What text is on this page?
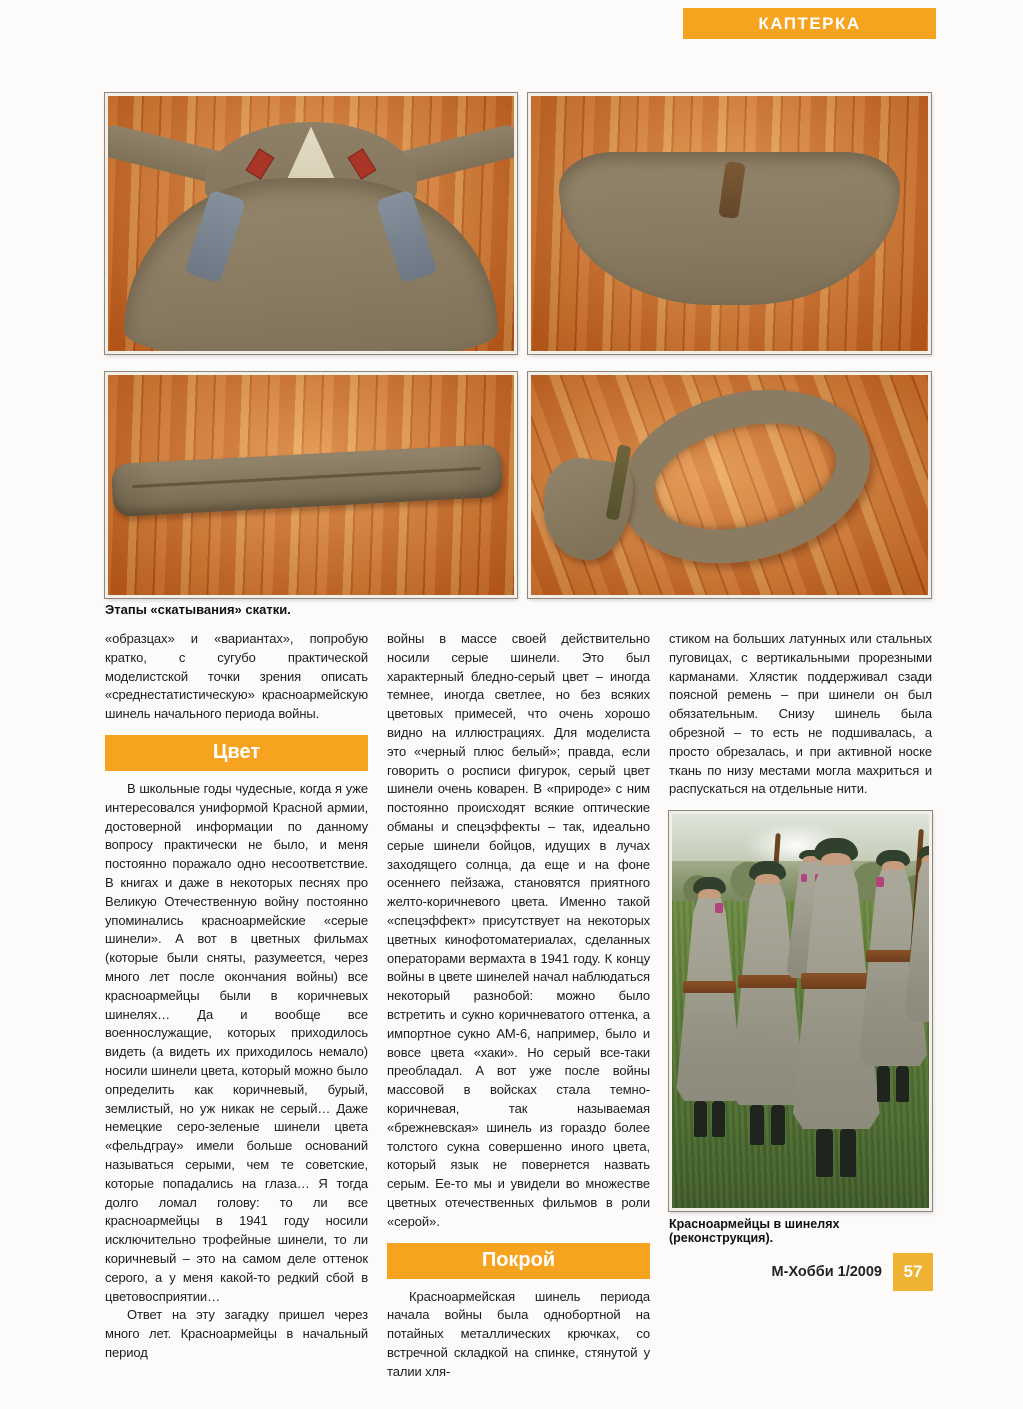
КАПТЕРКА
Этапы «скатывания» скатки.

«образцах» и «вариантах», попробую кратко, с сугубо практической моделистской точки зрения описать «среднестатистическую» красноармейскую шинель начального периода войны.

Цвет

В школьные годы чудесные, когда я уже интересовался униформой Красной армии, достоверной информации по данному вопросу практически не было, и меня постоянно поражало одно несоответствие. В книгах и даже в некоторых песнях про Великую Отечественную войну постоянно упоминались красноармейские «серые шинели». А вот в цветных фильмах (которые были сняты, разумеется, через много лет после окончания войны) все красноармейцы были в коричневых шинелях… Да и вообще все военнослужащие, которых приходилось видеть (а видеть их приходилось немало) носили шинели цвета, который можно было определить как коричневый, бурый, землистый, но уж никак не серый… Даже немецкие серо-зеленые шинели цвета «фельдграу» имели больше оснований называться серыми, чем те советские, которые попадались на глаза… Я тогда долго ломал голову: то ли все красноармейцы в 1941 году носили исключительно трофейные шинели, то ли коричневый – это на самом деле оттенок серого, а у меня какой-то редкий сбой в цветовосприятии…

Ответ на эту загадку пришел через много лет. Красноармейцы в начальный период

войны в массе своей действительно носили серые шинели. Это был характерный бледно-серый цвет – иногда темнее, иногда светлее, но без всяких цветовых примесей, что очень хорошо видно на иллюстрациях. Для моделиста это «черный плюс белый»; правда, если говорить о росписи фигурок, серый цвет шинели очень коварен. В «природе» с ним постоянно происходят всякие оптические обманы и спецэффекты – так, идеально серые шинели бойцов, идущих в лучах заходящего солнца, да еще и на фоне осеннего пейзажа, становятся приятного желто-коричневого цвета. Именно такой «спецэффект» присутствует на некоторых цветных кинофотоматериалах, сделанных операторами вермахта в 1941 году. К концу войны в цвете шинелей начал наблюдаться некоторый разнобой: можно было встретить и сукно коричневатого оттенка, а импортное сукно АМ-6, например, было и вовсе цвета «хаки». Но серый все-таки преобладал. А вот уже после войны массовой в войсках стала темно-коричневая, так называемая «брежневская» шинель из гораздо более толстого сукна совершенно иного цвета, который язык не повернется назвать серым. Ее-то мы и увидели во множестве цветных отечественных фильмов в роли «серой».

Покрой

Красноармейская шинель периода начала войны была однобортной на потайных металлических крючках, со встречной складкой на спинке, стянутой у талии хля-

стиком на больших латунных или стальных пуговицах, с вертикальными прорезными карманами. Хлястик поддерживал сзади поясной ремень – при шинели он был обязательным. Снизу шинель была обрезной – то есть не подшивалась, а просто обрезалась, и при активной носке ткань по низу местами могла махриться и распускаться на отдельные нити.

Красноармейцы в шинелях (реконструкция).
М-Хобби 1/2009	57
